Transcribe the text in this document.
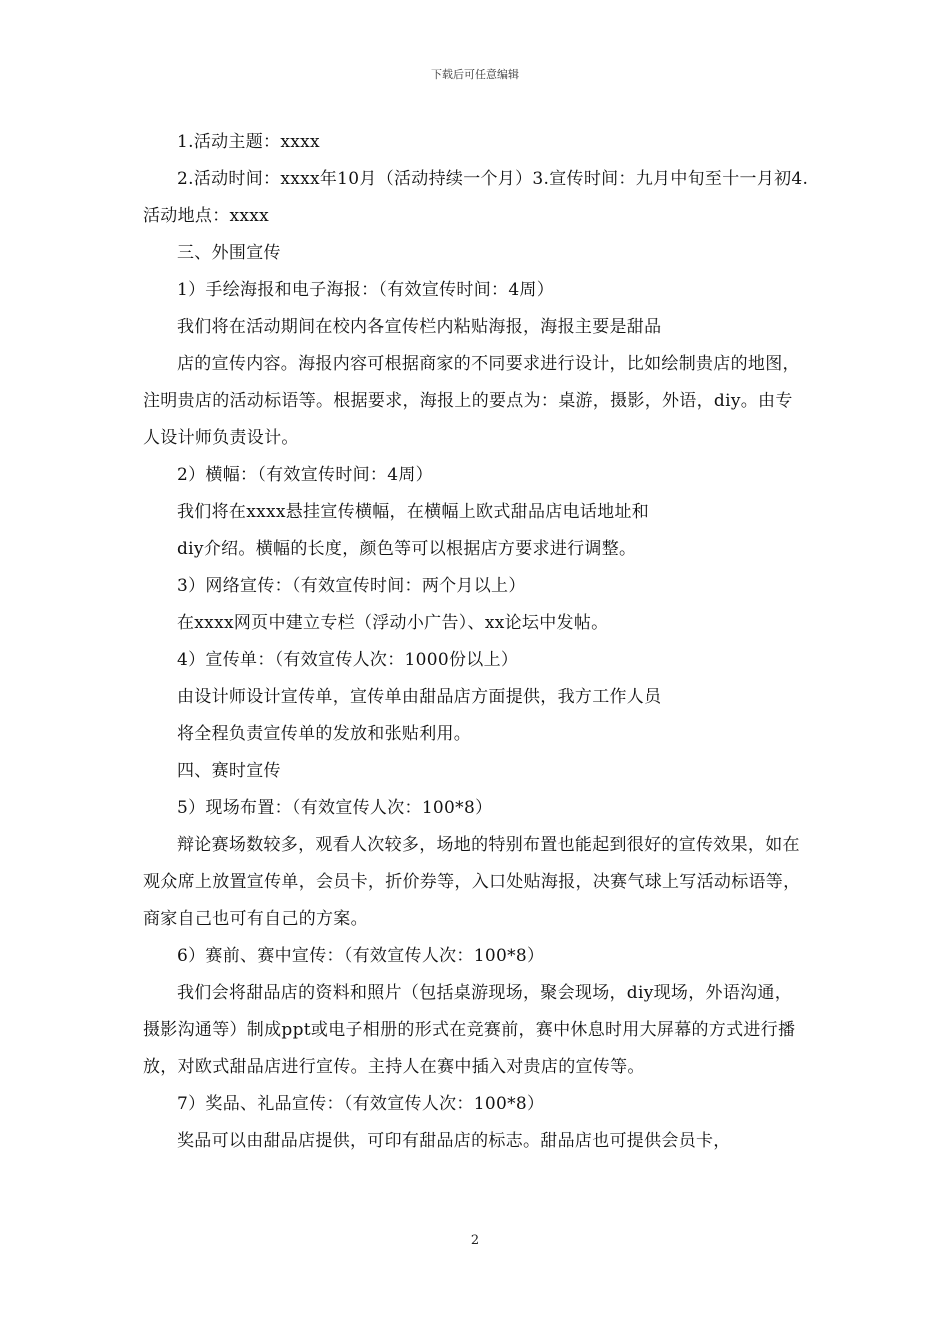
下载后可任意编辑

1.活动主题：xxxx

2.活动时间：xxxx年10月（活动持续一个月）3.宣传时间：九月中旬至十一月初4.活动地点：xxxx

三、外围宣传

1）手绘海报和电子海报：（有效宣传时间：4周）

我们将在活动期间在校内各宣传栏内粘贴海报，海报主要是甜品

店的宣传内容。海报内容可根据商家的不同要求进行设计，比如绘制贵店的地图，注明贵店的活动标语等。根据要求，海报上的要点为：桌游，摄影，外语，diy。由专人设计师负责设计。

2）横幅：（有效宣传时间：4周）

我们将在xxxx悬挂宣传横幅，在横幅上欧式甜品店电话地址和

diy介绍。横幅的长度，颜色等可以根据店方要求进行调整。

3）网络宣传：（有效宣传时间：两个月以上）

在xxxx网页中建立专栏（浮动小广告）、xx论坛中发帖。

4）宣传单：（有效宣传人次：1000份以上）

由设计师设计宣传单，宣传单由甜品店方面提供，我方工作人员

将全程负责宣传单的发放和张贴利用。

四、赛时宣传

5）现场布置：（有效宣传人次：100*8）

辩论赛场数较多，观看人次较多，场地的特别布置也能起到很好的宣传效果，如在观众席上放置宣传单，会员卡，折价券等，入口处贴海报，决赛气球上写活动标语等，商家自己也可有自己的方案。

6）赛前、赛中宣传：（有效宣传人次：100*8）

我们会将甜品店的资料和照片（包括桌游现场，聚会现场，diy现场，外语沟通，摄影沟通等）制成ppt或电子相册的形式在竞赛前，赛中休息时用大屏幕的方式进行播放，对欧式甜品店进行宣传。主持人在赛中插入对贵店的宣传等。

7）奖品、礼品宣传：（有效宣传人次：100*8）

奖品可以由甜品店提供，可印有甜品店的标志。甜品店也可提供会员卡，

2
